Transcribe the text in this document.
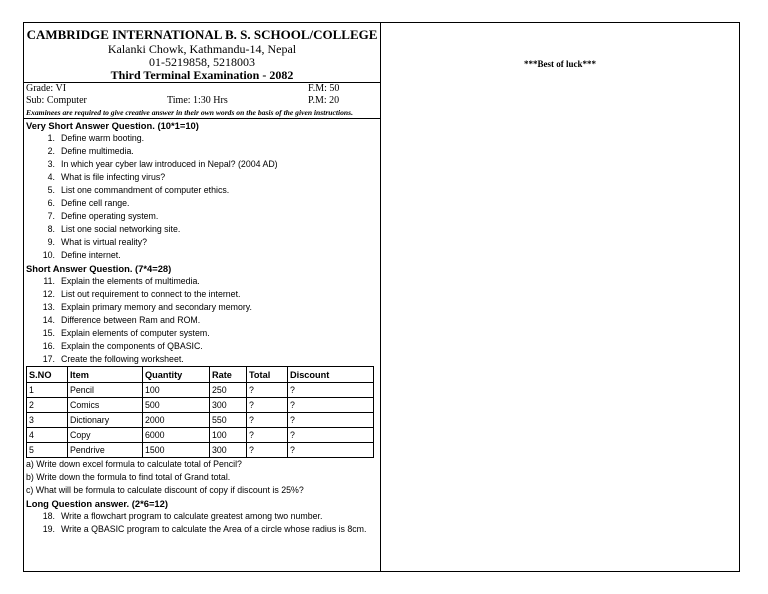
CAMBRIDGE INTERNATIONAL B. S. SCHOOL/COLLEGE
Kalanki Chowk, Kathmandu-14, Nepal
01-5219858, 5218003
Third Terminal Examination - 2082
Grade: VI	F.M: 50
Sub: Computer	Time: 1:30 Hrs	P.M: 20
Examinees are required to give creative answer in their own words on the basis of the given instructions.
Very Short Answer Question. (10*1=10)
1. Define warm booting.
2. Define multimedia.
3. In which year cyber law introduced in Nepal? (2004 AD)
4. What is file infecting virus?
5. List one commandment of computer ethics.
6. Define cell range.
7. Define operating system.
8. List one social networking site.
9. What is virtual reality?
10. Define internet.
Short Answer Question. (7*4=28)
11. Explain the elements of multimedia.
12. List out requirement to connect to the internet.
13. Explain primary memory and secondary memory.
14. Difference between Ram and ROM.
15. Explain elements of computer system.
16. Explain the components of QBASIC.
17. Create the following worksheet.
S.NO	Item	Quantity	Rate	Total	Discount
1	Pencil	100	250	?	?
2	Comics	500	300	?	?
3	Dictionary	2000	550	?	?
4	Copy	6000	100	?	?
5	Pendrive	1500	300	?	?
a) Write down excel formula to calculate total of Pencil?
b) Write down the formula to find total of Grand total.
c) What will be formula to calculate discount of copy if discount is 25%?
Long Question answer. (2*6=12)
18. Write a flowchart program to calculate greatest among two number.
19. Write a QBASIC program to calculate the Area of a circle whose radius is 8cm.
***Best of luck***
